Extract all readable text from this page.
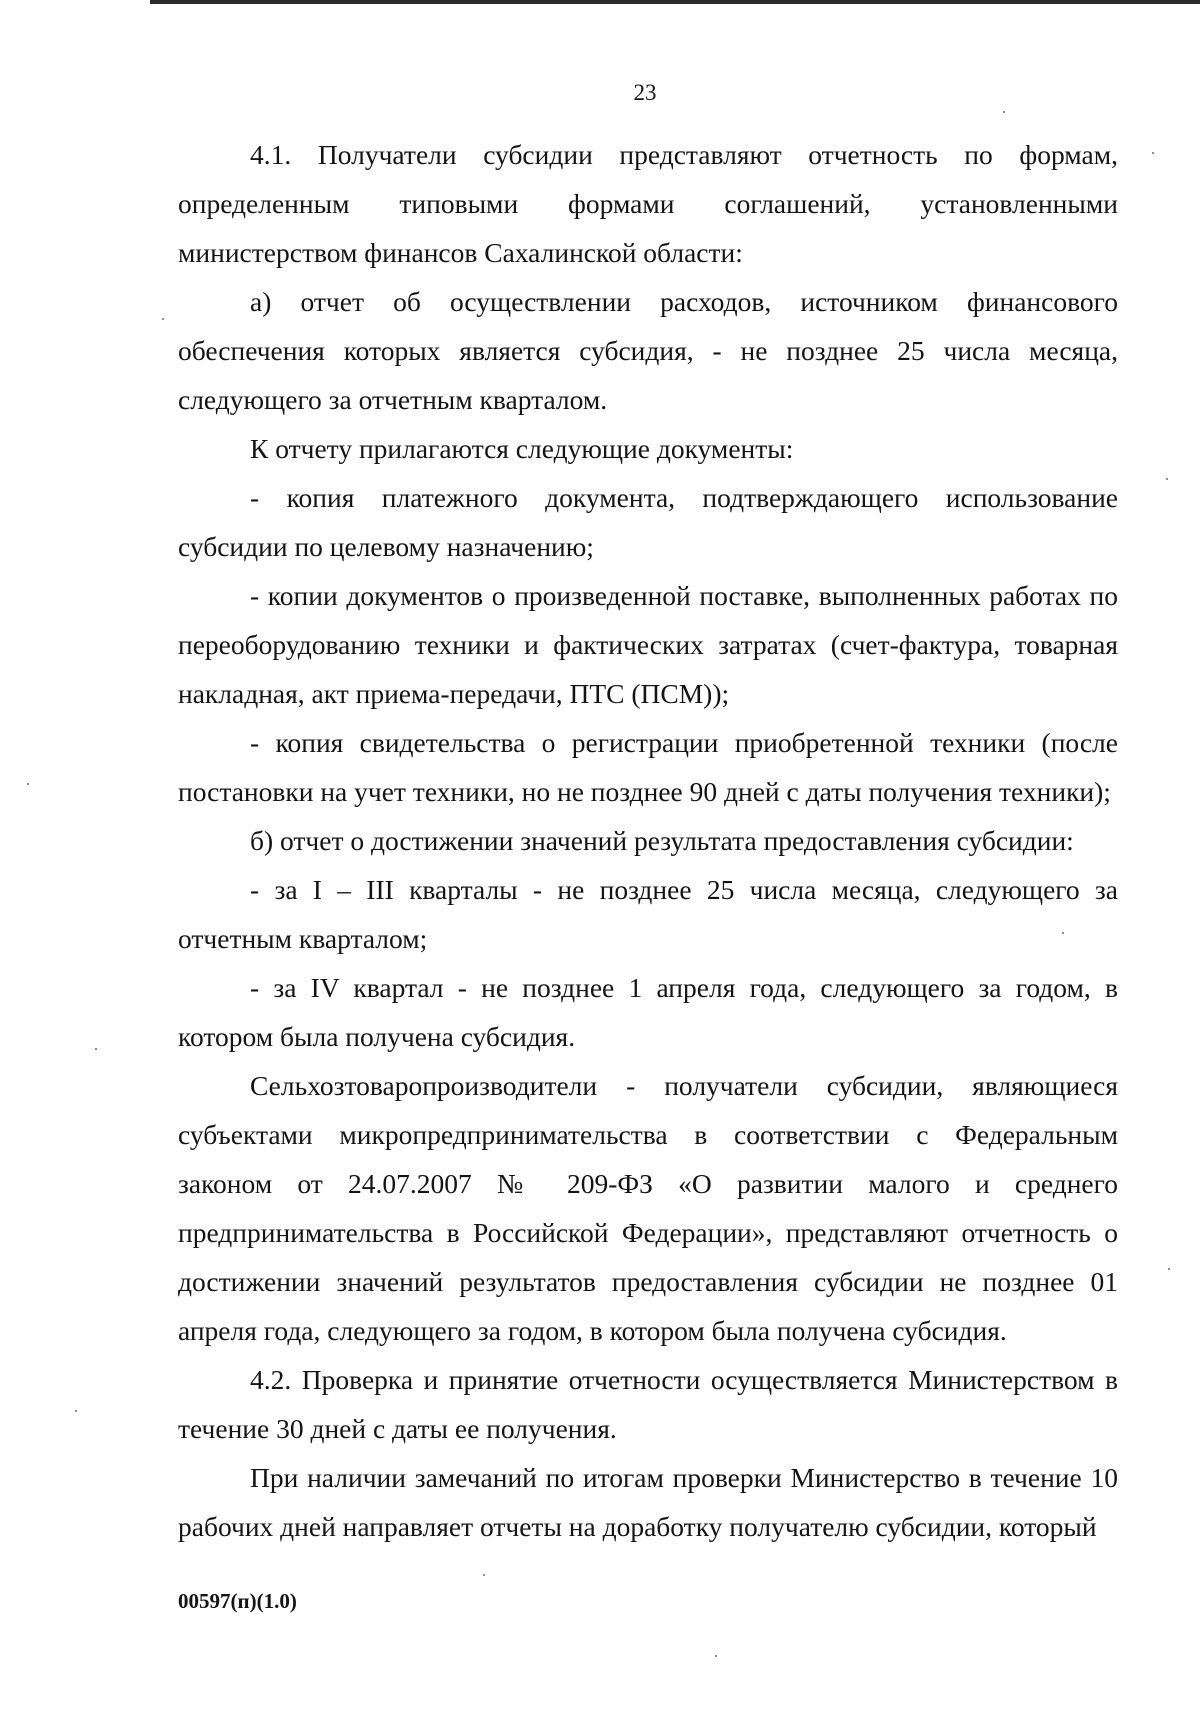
23

4.1. Получатели субсидии представляют отчетность по формам, определенным типовыми формами соглашений, установленными министерством финансов Сахалинской области:

а) отчет об осуществлении расходов, источником финансового обеспечения которых является субсидия, - не позднее 25 числа месяца, следующего за отчетным кварталом.

К отчету прилагаются следующие документы:

- копия платежного документа, подтверждающего использование субсидии по целевому назначению;

- копии документов о произведенной поставке, выполненных работах по переоборудованию техники и фактических затратах (счет-фактура, товарная накладная, акт приема-передачи, ПТС (ПСМ));

- копия свидетельства о регистрации приобретенной техники (после постановки на учет техники, но не позднее 90 дней с даты получения техники);

б) отчет о достижении значений результата предоставления субсидии:

- за I – III кварталы - не позднее 25 числа месяца, следующего за отчетным кварталом;

- за IV квартал - не позднее 1 апреля года, следующего за годом, в котором была получена субсидия.

Сельхозтоваропроизводители - получатели субсидии, являющиеся субъектами микропредпринимательства в соответствии с Федеральным законом от 24.07.2007 № 209-ФЗ «О развитии малого и среднего предпринимательства в Российской Федерации», представляют отчетность о достижении значений результатов предоставления субсидии не позднее 01 апреля года, следующего за годом, в котором была получена субсидия.

4.2. Проверка и принятие отчетности осуществляется Министерством в течение 30 дней с даты ее получения.

При наличии замечаний по итогам проверки Министерство в течение 10 рабочих дней направляет отчеты на доработку получателю субсидии, который

00597(п)(1.0)
